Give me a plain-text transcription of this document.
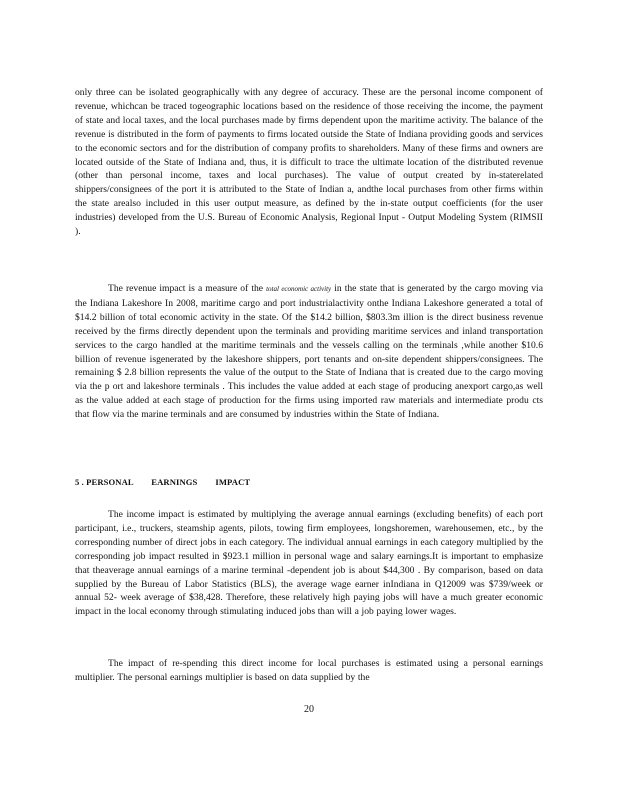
only three can be isolated geographically with any degree of accuracy. These are the personal income component of revenue, whichcan be traced togeographic locations based on the residence of those receiving the income, the payment of state and local taxes, and the local purchases made by firms dependent upon the maritime activity. The balance of the revenue is distributed in the form of payments to firms located outside the State of Indiana providing goods and services to the economic sectors and for the distribution of company profits to shareholders. Many of these firms and owners are located outside of the State of Indiana and, thus, it is difficult to trace the ultimate location of the distributed revenue (other than personal income, taxes and local purchases). The value of output created by in-staterelated shippers/consignees of the port it is attributed to the State of Indian a, andthe local purchases from other firms within the state arealso included in this user output measure, as defined by the in-state output coefficients (for the user industries) developed from the U.S. Bureau of Economic Analysis, Regional Input - Output Modeling System (RIMSII ).

The revenue impact is a measure of the total economic activity in the state that is generated by the cargo moving via the Indiana Lakeshore In 2008, maritime cargo and port industrialactivity onthe Indiana Lakeshore generated a total of $14.2 billion of total economic activity in the state. Of the $14.2 billion, $803.3m illion is the direct business revenue received by the firms directly dependent upon the terminals and providing maritime services and inland transportation services to the cargo handled at the maritime terminals and the vessels calling on the terminals ,while another $10.6 billion of revenue isgenerated by the lakeshore shippers, port tenants and on-site dependent shippers/consignees. The remaining $ 2.8 billion represents the value of the output to the State of Indiana that is created due to the cargo moving via the p ort and lakeshore terminals . This includes the value added at each stage of producing anexport cargo,as well as the value added at each stage of production for the firms using imported raw materials and intermediate produ cts that flow via the marine terminals and are consumed by industries within the State of Indiana.

5 . PERSONAL        EARNINGS        IMPACT

The income impact is estimated by multiplying the average annual earnings (excluding benefits) of each port participant, i.e., truckers, steamship agents, pilots, towing firm employees, longshoremen, warehousemen, etc., by the corresponding number of direct jobs in each category. The individual annual earnings in each category multiplied by the corresponding job impact resulted in $923.1 million in personal wage and salary earnings.It is important to emphasize that theaverage annual earnings of a marine terminal -dependent job is about $44,300 . By comparison, based on data supplied by the Bureau of Labor Statistics (BLS), the average wage earner inIndiana in Q12009 was $739/week or annual 52- week average of $38,428. Therefore, these relatively high paying jobs will have a much greater economic impact in the local economy through stimulating induced jobs than will a job paying lower wages.

The impact of re-spending this direct income for local purchases is estimated using a personal earnings multiplier. The personal earnings multiplier is based on data supplied by the

20
